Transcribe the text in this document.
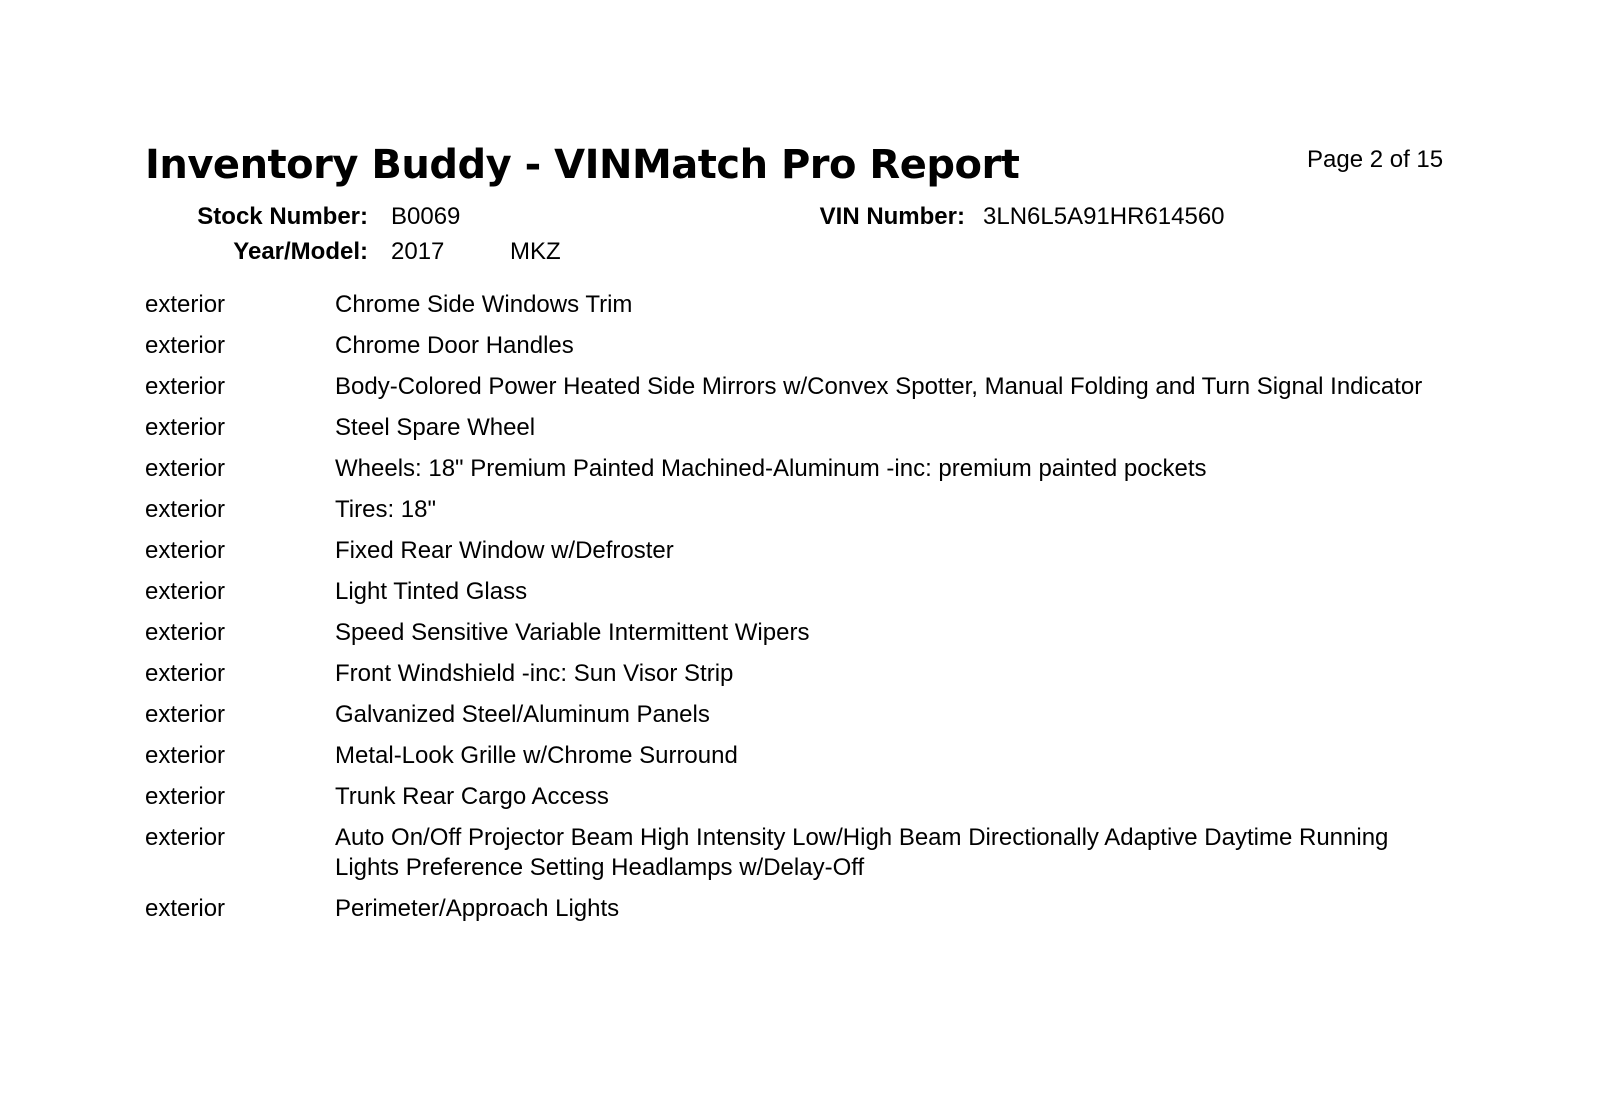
Inventory Buddy - VINMatch Pro Report	Page 2 of 15
Stock Number: B0069	VIN Number: 3LN6L5A91HR614560
Year/Model: 2017	MKZ
exterior	Chrome Side Windows Trim
exterior	Chrome Door Handles
exterior	Body-Colored Power Heated Side Mirrors w/Convex Spotter, Manual Folding and Turn Signal Indicator
exterior	Steel Spare Wheel
exterior	Wheels: 18" Premium Painted Machined-Aluminum -inc: premium painted pockets
exterior	Tires: 18"
exterior	Fixed Rear Window w/Defroster
exterior	Light Tinted Glass
exterior	Speed Sensitive Variable Intermittent Wipers
exterior	Front Windshield -inc: Sun Visor Strip
exterior	Galvanized Steel/Aluminum Panels
exterior	Metal-Look Grille w/Chrome Surround
exterior	Trunk Rear Cargo Access
exterior	Auto On/Off Projector Beam High Intensity Low/High Beam Directionally Adaptive Daytime Running Lights Preference Setting Headlamps w/Delay-Off
exterior	Perimeter/Approach Lights
